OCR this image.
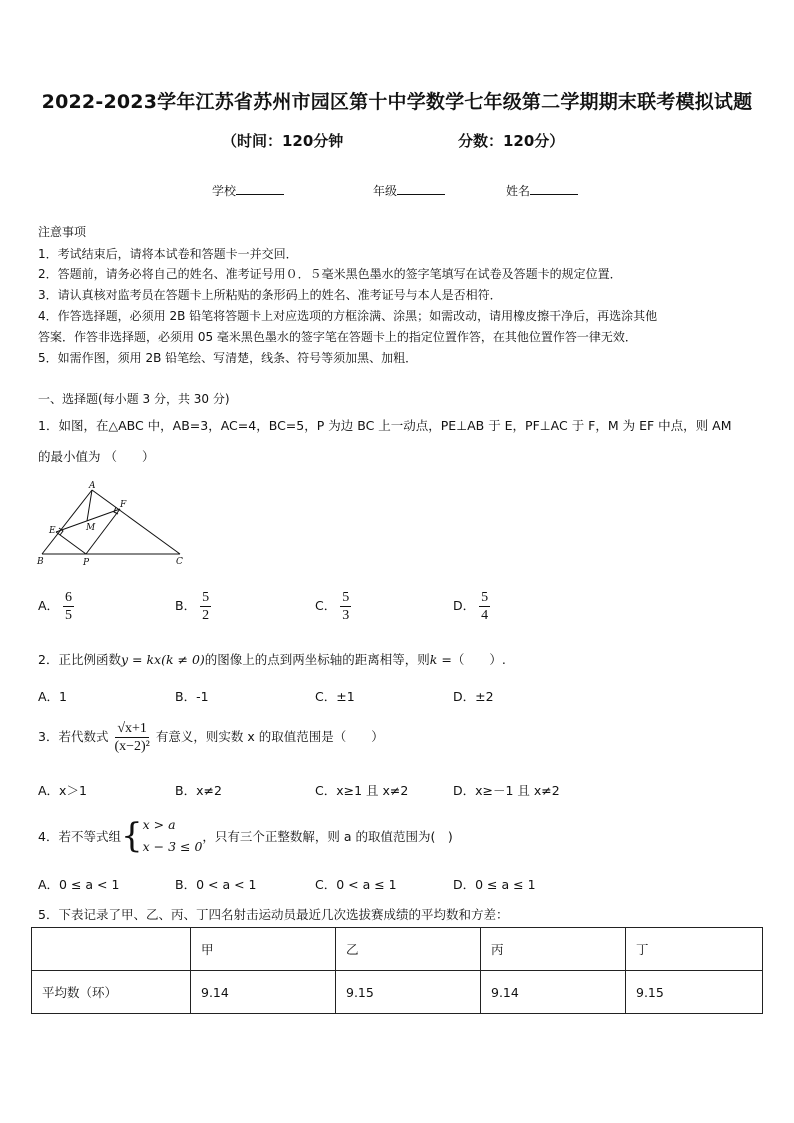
2022-2023学年江苏省苏州市园区第十中学数学七年级第二学期期末联考模拟试题
（时间：120分钟	分数：120分）
学校	年级	姓名
注意事项
1．考试结束后，请将本试卷和答题卡一并交回．
2．答题前，请务必将自己的姓名、准考证号用０．５毫米黑色墨水的签字笔填写在试卷及答题卡的规定位置．
3．请认真核对监考员在答题卡上所粘贴的条形码上的姓名、准考证号与本人是否相符．
4．作答选择题，必须用 2B 铅笔将答题卡上对应选项的方框涂满、涂黑；如需改动，请用橡皮擦干净后，再选涂其他
答案．作答非选择题，必须用 05 毫米黑色墨水的签字笔在答题卡上的指定位置作答，在其他位置作答一律无效．
5．如需作图，须用 2B 铅笔绘、写清楚，线条、符号等须加黑、加粗．
一、选择题(每小题 3 分，共 30 分)
1．如图，在△ABC 中，AB=3，AC=4，BC=5，P 为边 BC 上一动点，PE⊥AB 于 E，PF⊥AC 于 F，M 为 EF 中点，则 AM
的最小值为 （　　）
A
B	C
E
F
M
P
A． $\frac{6}{5}$	B． $\frac{5}{2}$	C． $\frac{5}{3}$	D． $\frac{5}{4}$
2．正比例函数y = kx(k ≠ 0)的图像上的点到两坐标轴的距离相等，则k =（　　）.
A．1	B．-1	C．±1	D．±2
3．若代数式 $\frac{√x+1}{\text{(x−2)²}}$ 有意义，则实数 x 的取值范围是（　　）
A．x＞1	B．x≠2	C．x≥1 且 x≠2	D．x≥－1 且 x≠2
4．若不等式组 { x > a
x − 3 ≤ 0
，只有三个正整数解，则 a 的取值范围为(　)
A．0 ≤ a < 1	B．0 < a < 1	C．0 < a ≤ 1	D．0 ≤ a ≤ 1
5．下表记录了甲、乙、丙、丁四名射击运动员最近几次选拔赛成绩的平均数和方差：
	甲	乙	丙	丁
平均数（环）	9.14	9.15	9.14	9.15
